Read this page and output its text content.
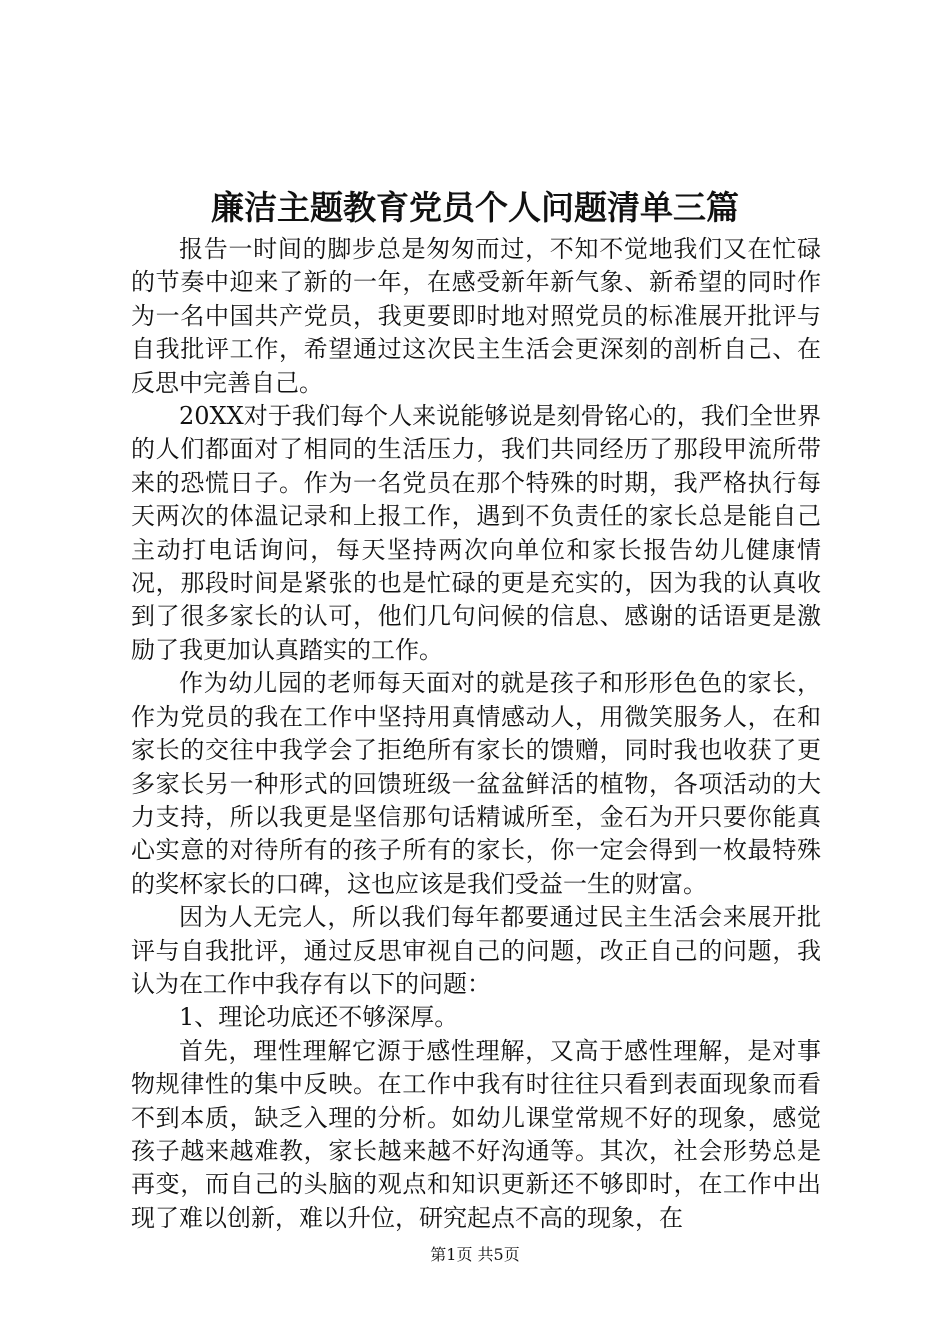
廉洁主题教育党员个人问题清单三篇

报告一时间的脚步总是匆匆而过，不知不觉地我们又在忙碌的节奏中迎来了新的一年，在感受新年新气象、新希望的同时作为一名中国共产党员，我更要即时地对照党员的标准展开批评与自我批评工作，希望通过这次民主生活会更深刻的剖析自己、在反思中完善自己。

20XX对于我们每个人来说能够说是刻骨铭心的，我们全世界的人们都面对了相同的生活压力，我们共同经历了那段甲流所带来的恐慌日子。作为一名党员在那个特殊的时期，我严格执行每天两次的体温记录和上报工作，遇到不负责任的家长总是能自己主动打电话询问，每天坚持两次向单位和家长报告幼儿健康情况，那段时间是紧张的也是忙碌的更是充实的，因为我的认真收到了很多家长的认可，他们几句问候的信息、感谢的话语更是激励了我更加认真踏实的工作。

作为幼儿园的老师每天面对的就是孩子和形形色色的家长，作为党员的我在工作中坚持用真情感动人，用微笑服务人，在和家长的交往中我学会了拒绝所有家长的馈赠，同时我也收获了更多家长另一种形式的回馈班级一盆盆鲜活的植物，各项活动的大力支持，所以我更是坚信那句话精诚所至，金石为开只要你能真心实意的对待所有的孩子所有的家长，你一定会得到一枚最特殊的奖杯家长的口碑，这也应该是我们受益一生的财富。

因为人无完人，所以我们每年都要通过民主生活会来展开批评与自我批评，通过反思审视自己的问题，改正自己的问题，我认为在工作中我存有以下的问题：

1、理论功底还不够深厚。

首先，理性理解它源于感性理解，又高于感性理解，是对事物规律性的集中反映。在工作中我有时往往只看到表面现象而看不到本质，缺乏入理的分析。如幼儿课堂常规不好的现象，感觉孩子越来越难教，家长越来越不好沟通等。其次，社会形势总是再变，而自己的头脑的观点和知识更新还不够即时，在工作中出现了难以创新，难以升位，研究起点不高的现象，在

第1页 共5页
